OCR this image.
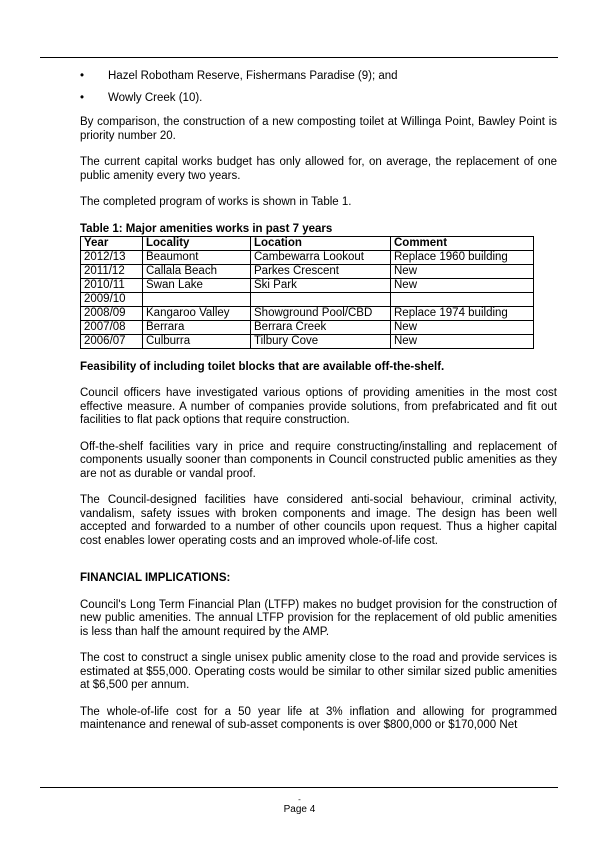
• Hazel Robotham Reserve, Fishermans Paradise (9); and
• Wowly Creek (10).

By comparison, the construction of a new composting toilet at Willinga Point, Bawley Point is priority number 20.

The current capital works budget has only allowed for, on average, the replacement of one public amenity every two years.

The completed program of works is shown in Table 1.

Table 1: Major amenities works in past 7 years
Year	Locality	Location	Comment
2012/13	Beaumont	Cambewarra Lookout	Replace 1960 building
2011/12	Callala Beach	Parkes Crescent	New
2010/11	Swan Lake	Ski Park	New
2009/10			
2008/09	Kangaroo Valley	Showground Pool/CBD	Replace 1974 building
2007/08	Berrara	Berrara Creek	New
2006/07	Culburra	Tilbury Cove	New

Feasibility of including toilet blocks that are available off-the-shelf.

Council officers have investigated various options of providing amenities in the most cost effective measure. A number of companies provide solutions, from prefabricated and fit out facilities to flat pack options that require construction.

Off-the-shelf facilities vary in price and require constructing/installing and replacement of components usually sooner than components in Council constructed public amenities as they are not as durable or vandal proof.

The Council-designed facilities have considered anti-social behaviour, criminal activity, vandalism, safety issues with broken components and image. The design has been well accepted and forwarded to a number of other councils upon request. Thus a higher capital cost enables lower operating costs and an improved whole-of-life cost.

FINANCIAL IMPLICATIONS:

Council's Long Term Financial Plan (LTFP) makes no budget provision for the construction of new public amenities. The annual LTFP provision for the replacement of old public amenities is less than half the amount required by the AMP.

The cost to construct a single unisex public amenity close to the road and provide services is estimated at $55,000. Operating costs would be similar to other similar sized public amenities at $6,500 per annum.

The whole-of-life cost for a 50 year life at 3% inflation and allowing for programmed maintenance and renewal of sub-asset components is over $800,000 or $170,000 Net

-
Page 4
